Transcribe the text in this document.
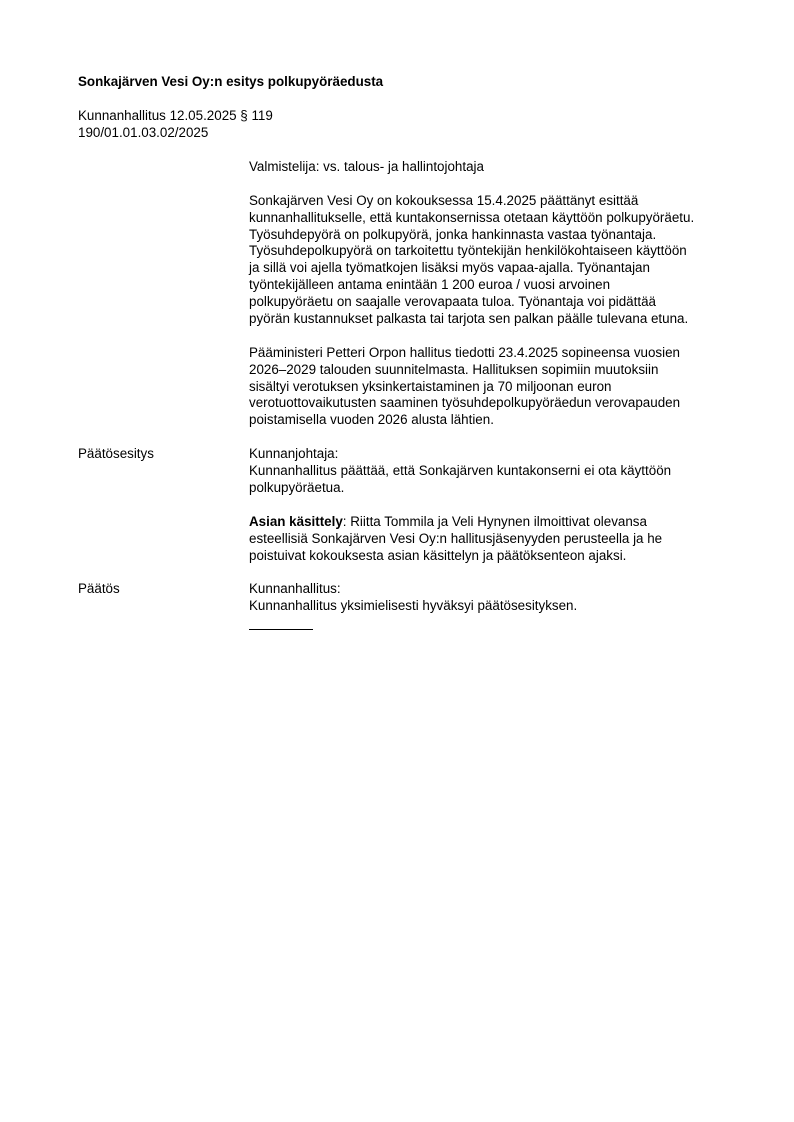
Sonkajärven Vesi Oy:n esitys polkupyöräedusta
Kunnanhallitus 12.05.2025 § 119
190/01.01.03.02/2025
Valmistelija: vs. talous- ja hallintojohtaja
Sonkajärven Vesi Oy on kokouksessa 15.4.2025 päättänyt esittää
kunnanhallitukselle, että kuntakonsernissa otetaan käyttöön polkupyöräetu.
Työsuhdepyörä on polkupyörä, jonka hankinnasta vastaa työnantaja.
Työsuhdepolkupyörä on tarkoitettu työntekijän henkilökohtaiseen käyttöön
ja sillä voi ajella työmatkojen lisäksi myös vapaa-ajalla. Työnantajan
työntekijälleen antama enintään 1 200 euroa / vuosi arvoinen
polkupyöräetu on saajalle verovapaata tuloa. Työnantaja voi pidättää
pyörän kustannukset palkasta tai tarjota sen palkan päälle tulevana etuna.
Pääministeri Petteri Orpon hallitus tiedotti 23.4.2025 sopineensa vuosien
2026–2029 talouden suunnitelmasta. Hallituksen sopimiin muutoksiin
sisältyi verotuksen yksinkertaistaminen ja 70 miljoonan euron
verotuottovaikutusten saaminen työsuhdepolkupyöräedun verovapauden
poistamisella vuoden 2026 alusta lähtien.
Päätösesitys	Kunnanjohtaja:
Kunnanhallitus päättää, että Sonkajärven kuntakonserni ei ota käyttöön
polkupyöräetua.
Asian käsittely: Riitta Tommila ja Veli Hynynen ilmoittivat olevansa
esteellisiä Sonkajärven Vesi Oy:n hallitusjäsenyyden perusteella ja he
poistuivat kokouksesta asian käsittelyn ja päätöksenteon ajaksi.
Päätös	Kunnanhallitus:
Kunnanhallitus yksimielisesti hyväksyi päätösesityksen.
